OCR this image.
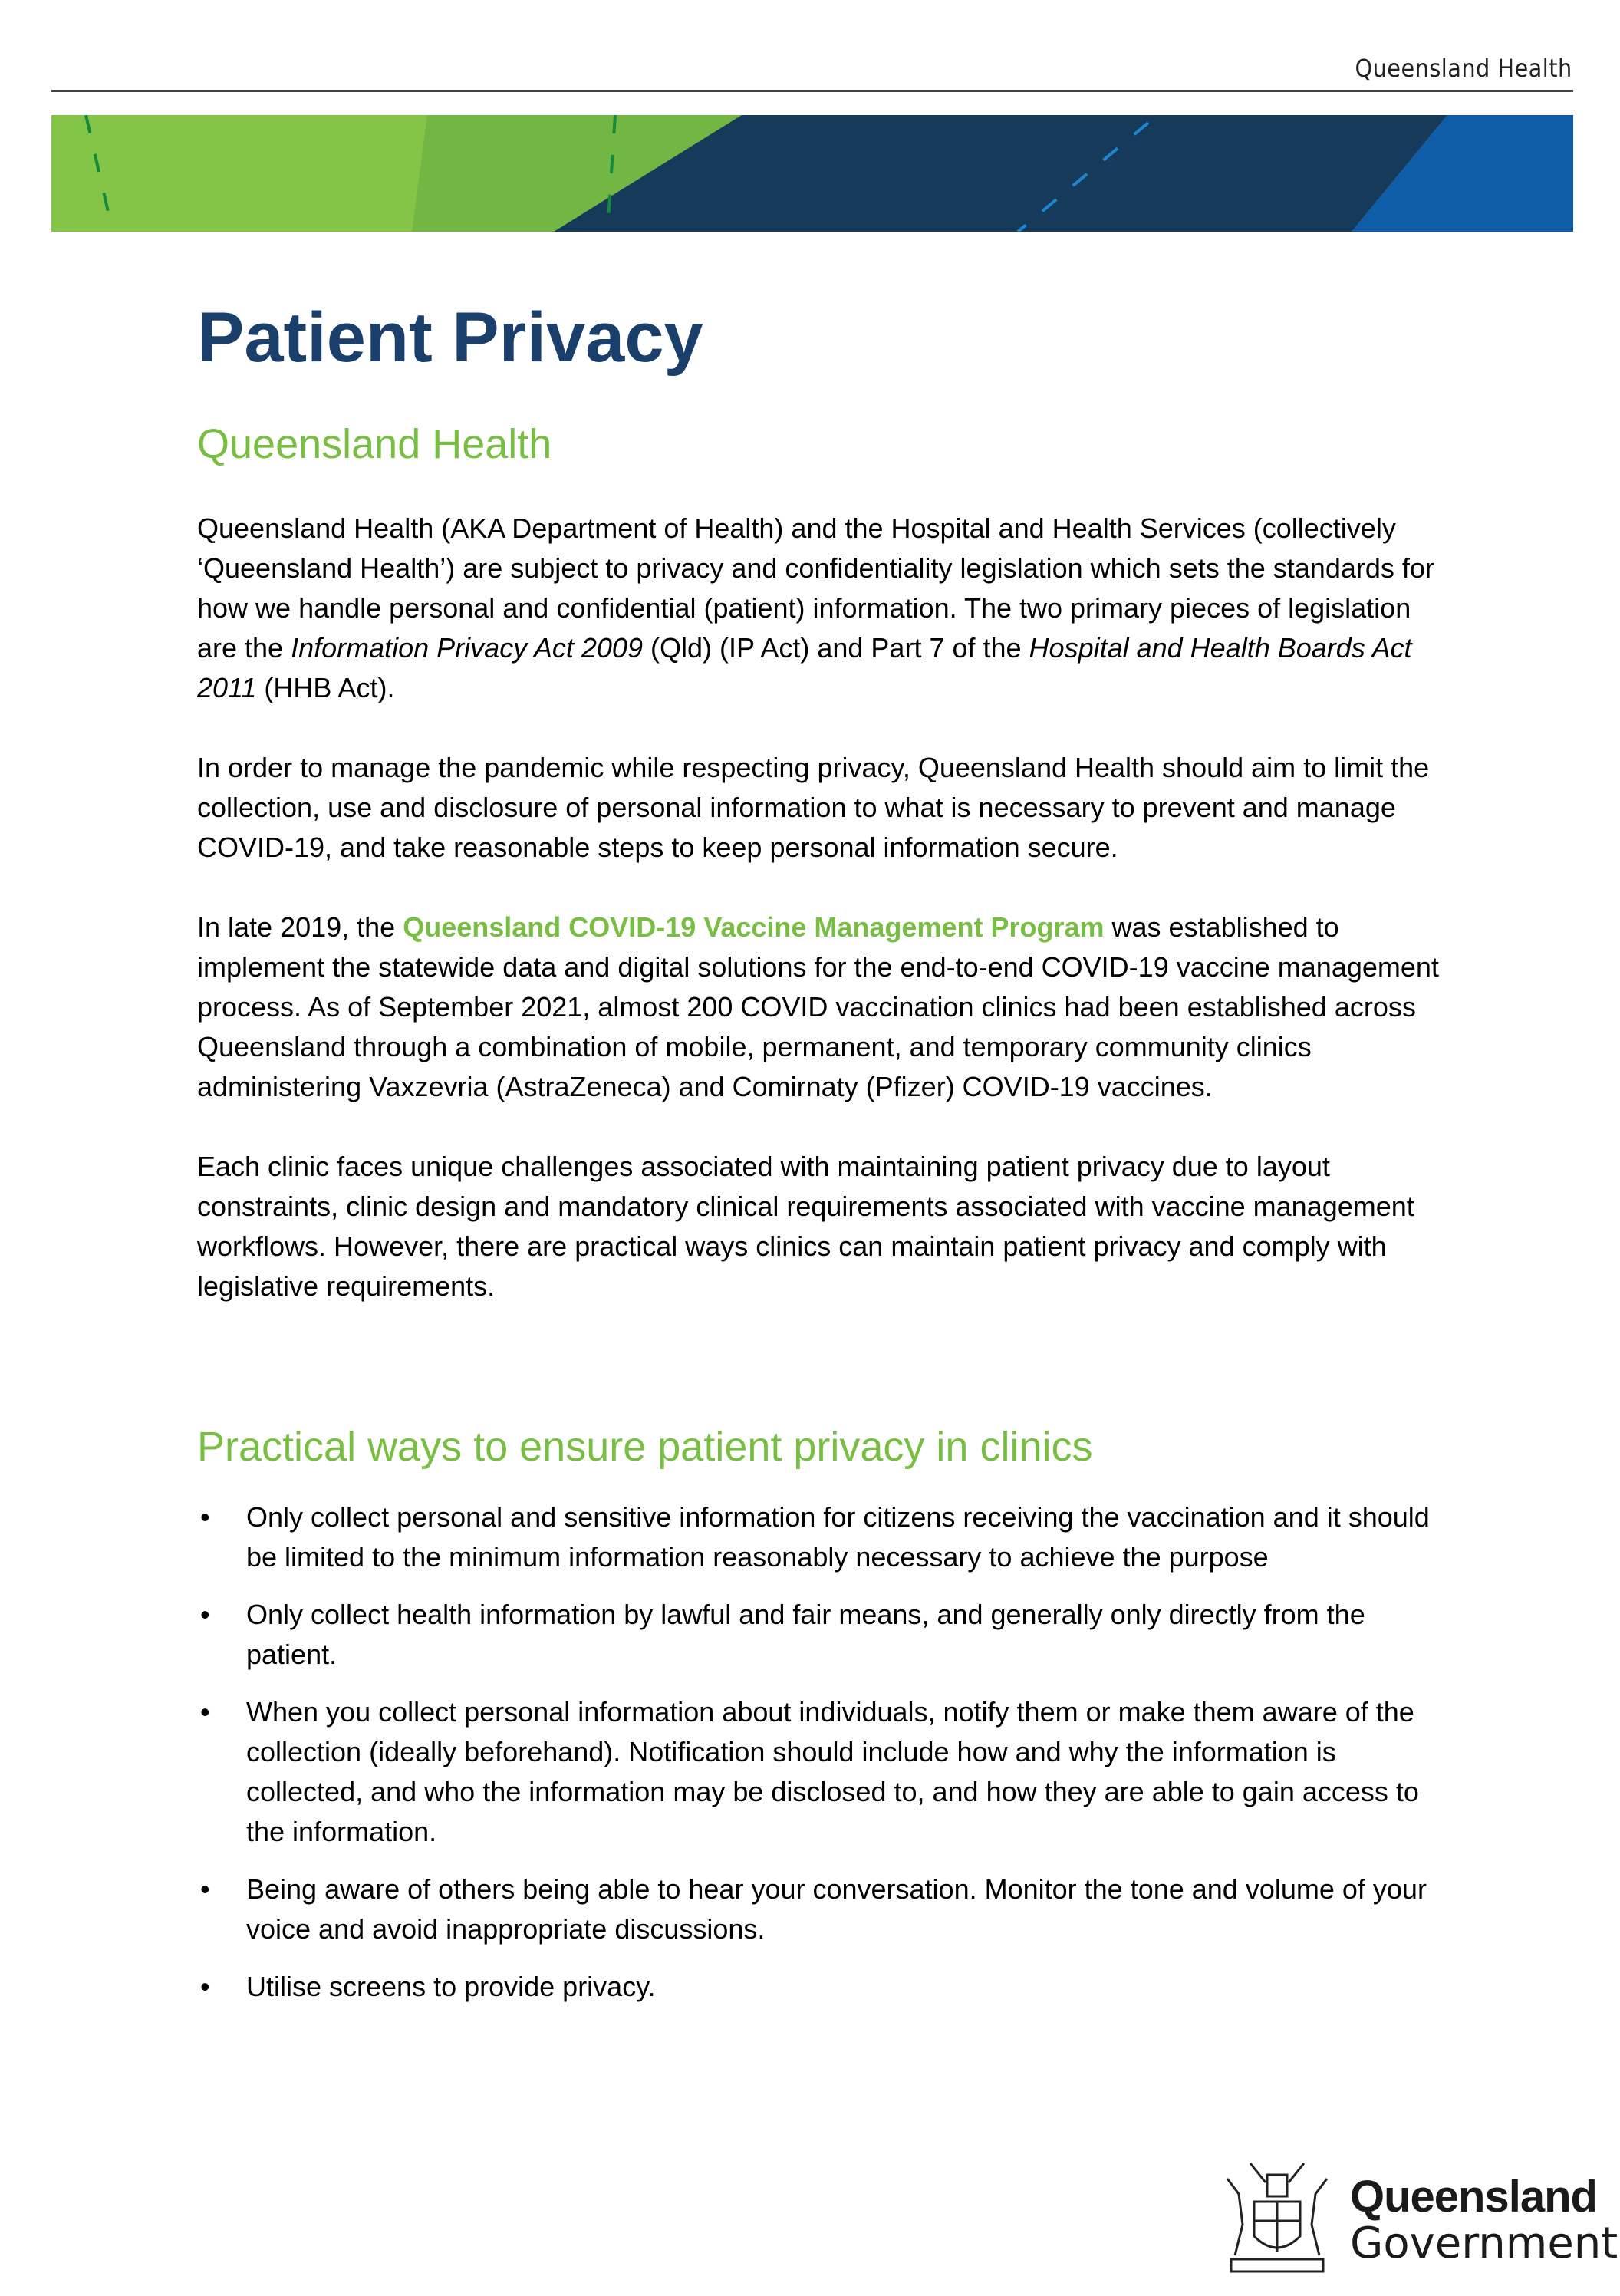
Queensland Health
Patient Privacy
Queensland Health

Queensland Health (AKA Department of Health) and the Hospital and Health Services (collectively ‘Queensland Health’) are subject to privacy and confidentiality legislation which sets the standards for how we handle personal and confidential (patient) information. The two primary pieces of legislation are the Information Privacy Act 2009 (Qld) (IP Act) and Part 7 of the Hospital and Health Boards Act 2011 (HHB Act).

In order to manage the pandemic while respecting privacy, Queensland Health should aim to limit the collection, use and disclosure of personal information to what is necessary to prevent and manage COVID-19, and take reasonable steps to keep personal information secure.

In late 2019, the Queensland COVID-19 Vaccine Management Program was established to implement the statewide data and digital solutions for the end-to-end COVID-19 vaccine management process. As of September 2021, almost 200 COVID vaccination clinics had been established across Queensland through a combination of mobile, permanent, and temporary community clinics administering Vaxzevria (AstraZeneca) and Comirnaty (Pfizer) COVID-19 vaccines.

Each clinic faces unique challenges associated with maintaining patient privacy due to layout constraints, clinic design and mandatory clinical requirements associated with vaccine management workflows. However, there are practical ways clinics can maintain patient privacy and comply with legislative requirements.

Practical ways to ensure patient privacy in clinics
• Only collect personal and sensitive information for citizens receiving the vaccination and it should be limited to the minimum information reasonably necessary to achieve the purpose
• Only collect health information by lawful and fair means, and generally only directly from the patient.
• When you collect personal information about individuals, notify them or make them aware of the collection (ideally beforehand). Notification should include how and why the information is collected, and who the information may be disclosed to, and how they are able to gain access to the information.
• Being aware of others being able to hear your conversation. Monitor the tone and volume of your voice and avoid inappropriate discussions.
• Utilise screens to provide privacy.
Queensland
Government
